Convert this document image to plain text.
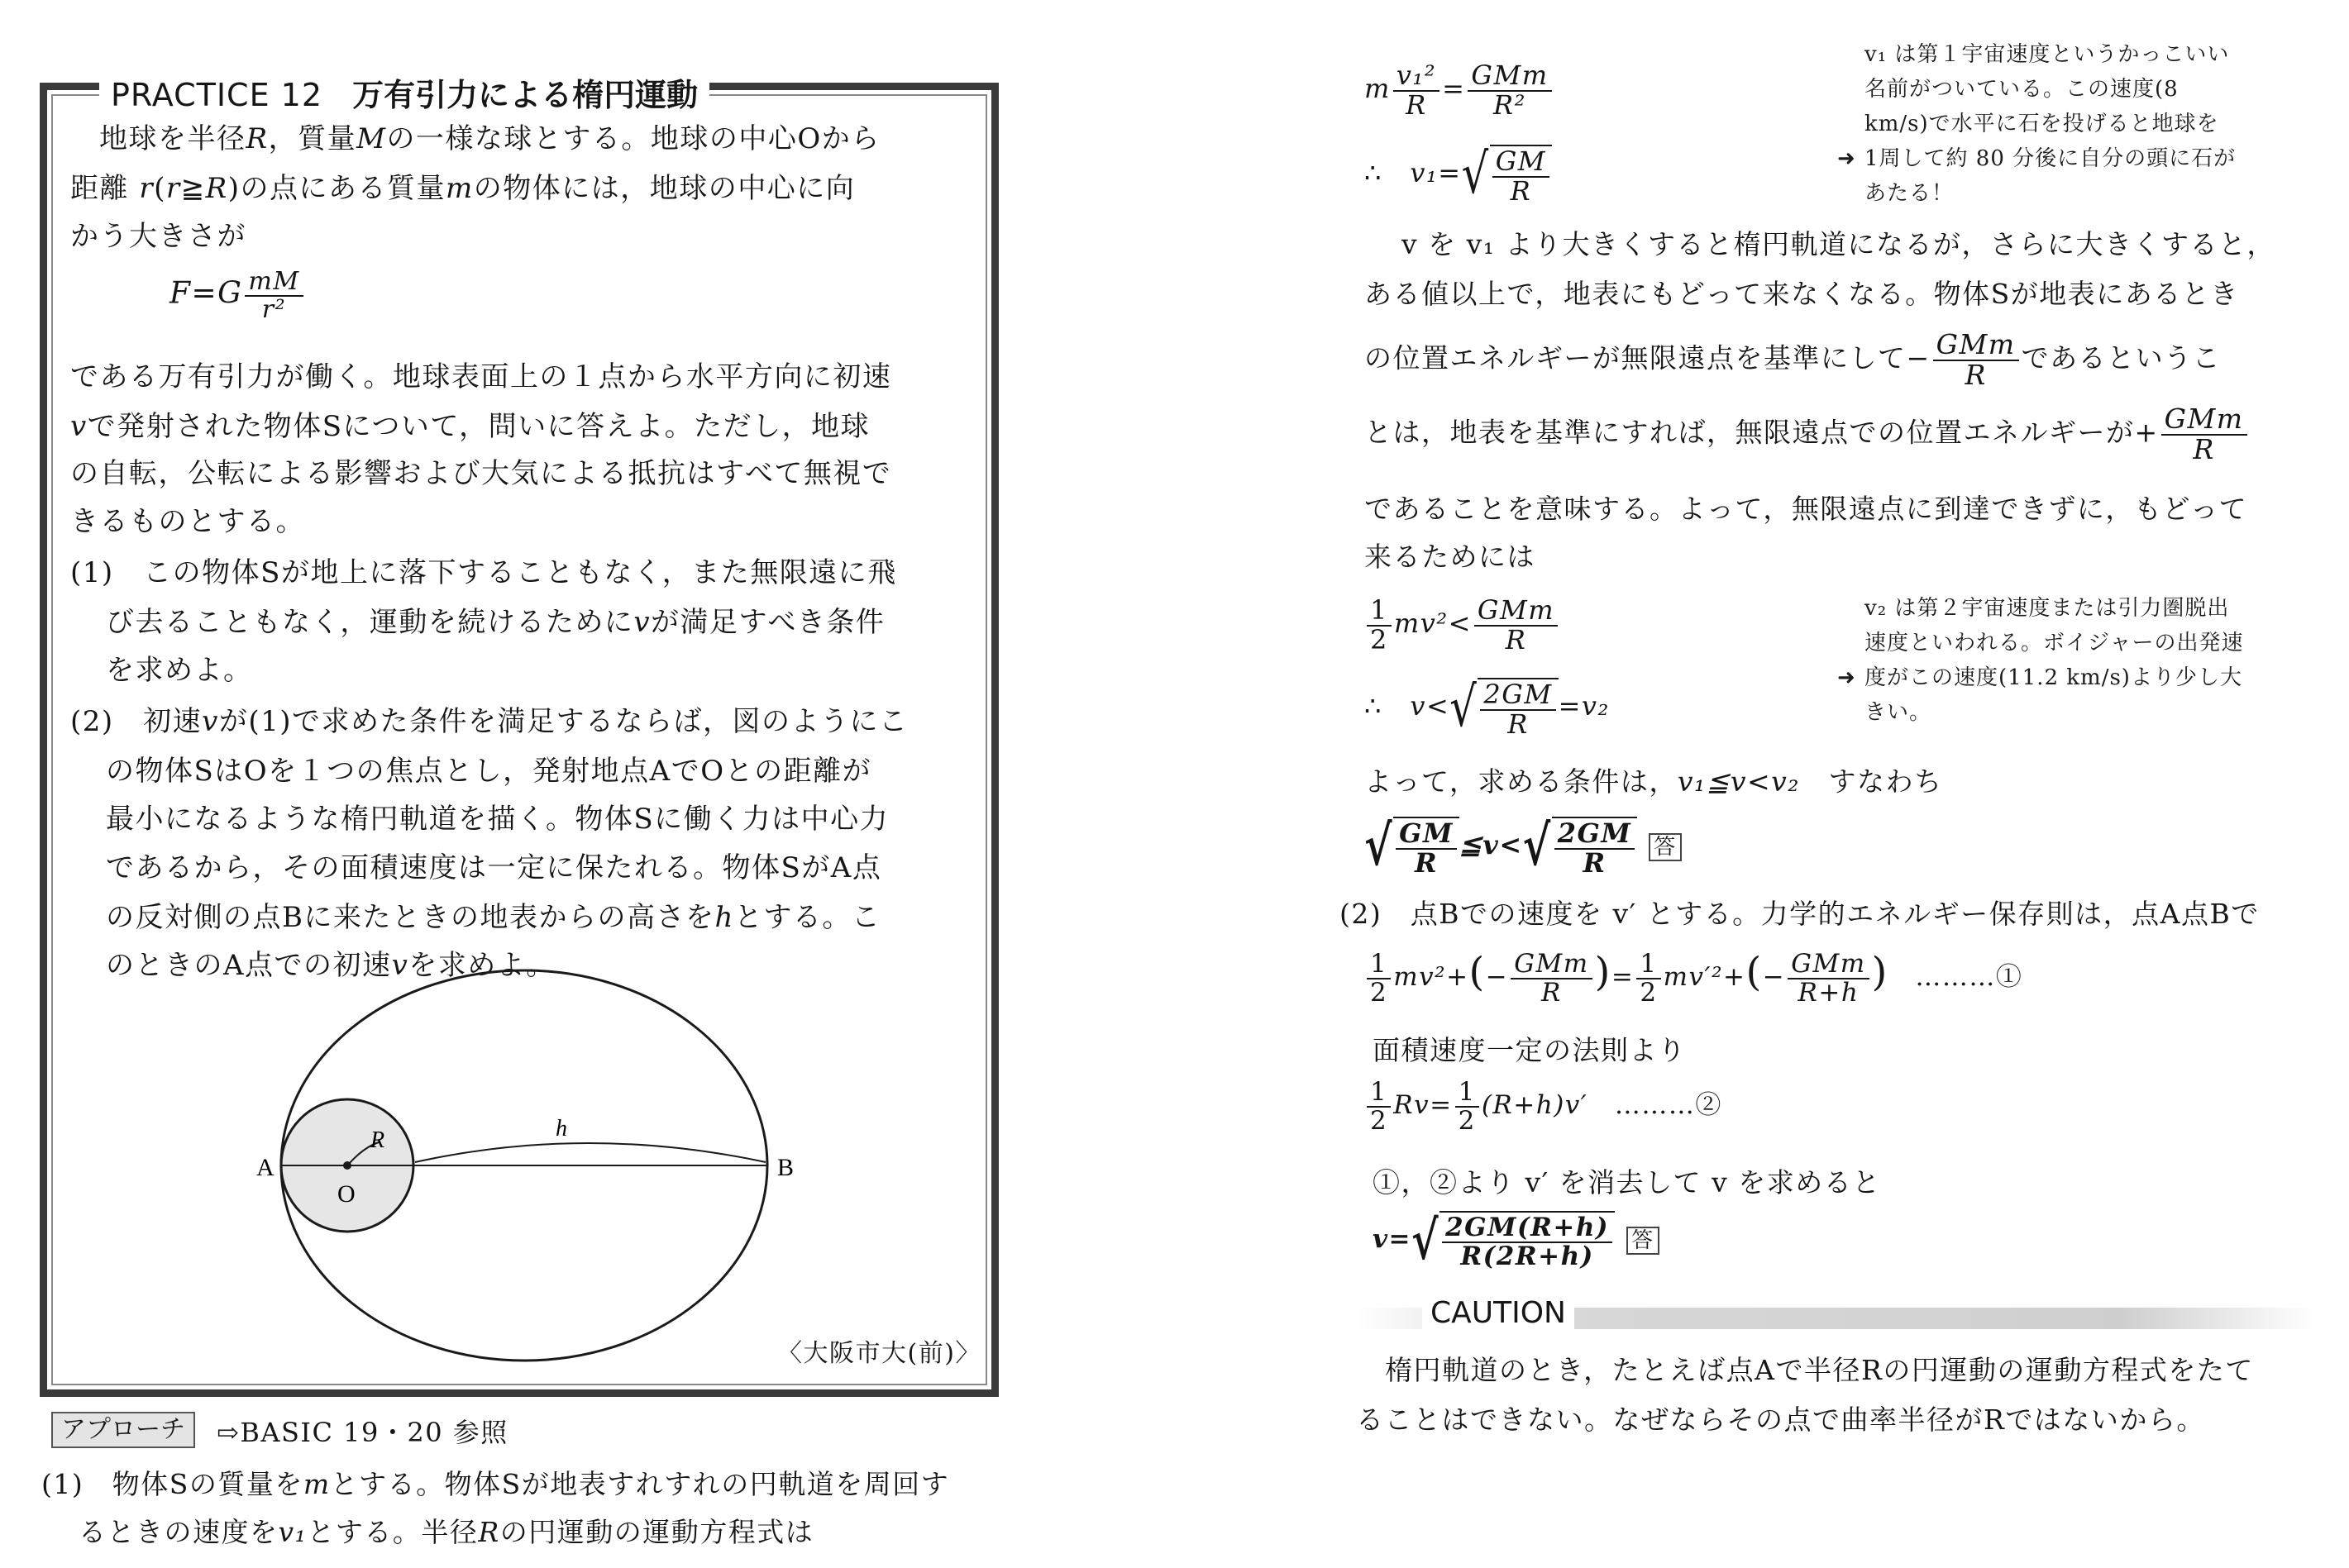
PRACTICE 12 万有引力による楕円運動
地球を半径R，質量Mの一様な球とする。地球の中心Oから
距離 r(r≧R)の点にある質量mの物体には，地球の中心に向
かう大きさが
$F=G \frac{mM}{\text{r²}}$
である万有引力が働く。地球表面上の１点から水平方向に初速
vで発射された物体Sについて，問いに答えよ。ただし，地球
の自転，公転による影響および大気による抵抗はすべて無視で
きるものとする。
(1)　 この物体Sが地上に落下することもなく，また無限遠に飛
び去ることもなく，運動を続けるためにvが満足すべき条件
を求めよ。
(2)　 初速vが(1)で求めた条件を満足するならば，図のようにこ
の物体SはOを１つの焦点とし，発射地点AでOとの距離が
最小になるような楕円軌道を描く。物体Sに働く力は中心力
であるから，その面積速度は一定に保たれる。物体SがA点
の反対側の点Bに来たときの地表からの高さをhとする。こ
のときのA点での初速vを求めよ。
A	B
O
R	h
〈大阪市大(前)〉
アプローチ	⇨BASIC 19・20 参照
(1)　 物体Sの質量をmとする。物体Sが地表すれすれの円軌道を周回す
るときの速度をv₁とする。半径Rの円運動の運動方程式は
m $\frac{\text{v₁²}}{R} = \frac{\text{GMm}}{\text{R²}}$
∴　 v₁= √ $\frac{GM}{R}$
v₁ は第１宇宙速度というかっこいい
名前がついている。この速度(8
km/s)で水平に石を投げると地球を
➜ 1周して約 80 分後に自分の頭に石が
あたる！
v を v₁ より大きくすると楕円軌道になるが，さらに大きくすると，
ある値以上で，地表にもどって来なくなる。物体Sが地表にあるとき
の位置エネルギーが無限遠点を基準にして− $\frac{\text{GMm}}{R}$ であるというこ
とは，地表を基準にすれば，無限遠点での位置エネルギーが+ $\frac{\text{GMm}}{R}$
であることを意味する。よって，無限遠点に到達できずに，もどって
来るためには
$\frac{1}{2} mv^2< \frac{\text{GMm}}{R}$
∴　 v< √ $\frac{2GM}{R} =v_2$
v₂ は第２宇宙速度または引力圏脱出
速度といわれる。ボイジャーの出発速
➜ 度がこの速度(11.2 km/s)より少し大
きい。
よって，求める条件は，v₁≦v<v₂　 すなわち
√ $\frac{GM}{R}$ ≦v< √ $\frac{2GM}{R}$ 答
(2)　 点Bでの速度を v′ とする。力学的エネルギー保存則は，点A点Bで
$\frac{1}{2} mv^2+(- \frac{\text{GMm}}{R}$ )= $\frac{1}{2} mv'^2+(- \frac{\text{GMm}}{R+h}$ )　 ………①
面積速度一定の法則より
$\frac{1}{2} Rv= \frac{1}{2} (R+h)v'$　 ………②
①，②より v′ を消去して v を求めると
v= √ $\frac{2GM(R+h)}{R(2R+h)}$ 答
CAUTION
楕円軌道のとき，たとえば点Aで半径Rの円運動の運動方程式をたて
ることはできない。なぜならその点で曲率半径がRではないから。
